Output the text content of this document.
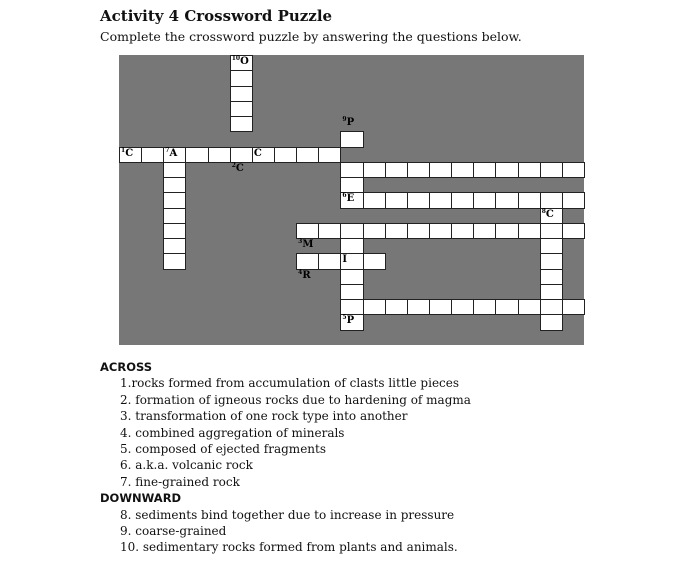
Activity 4 Crossword Puzzle
Complete the crossword puzzle by answering the questions below.
$^{10}$O
$^9$P
$^1$C	$^7$A	C
$^2$C
$^6$E
$^8$C
$^3$M
I
$^4$R
$^5$P
ACROSS
1.rocks formed from accumulation of clasts little pieces
2. formation of igneous rocks due to hardening of magma
3. transformation of one rock type into another
4. combined aggregation of minerals
5. composed of ejected fragments
6. a.k.a. volcanic rock
7. fine-grained rock
DOWNWARD
8. sediments bind together due to increase in pressure
9. coarse-grained
10. sedimentary rocks formed from plants and animals.
